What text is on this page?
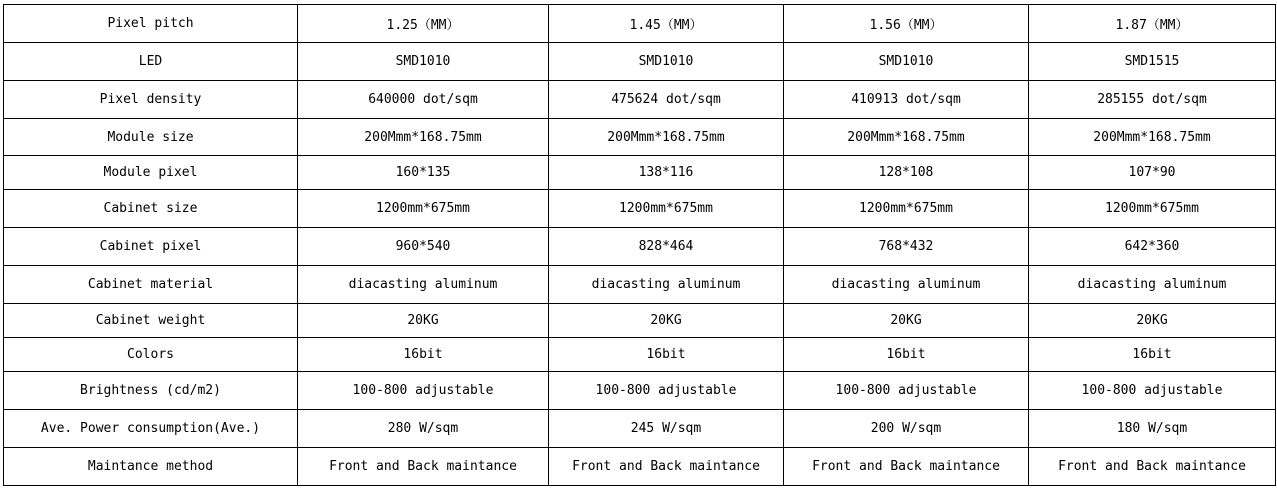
Pixel pitch	1.25（MM）	1.45（MM）	1.56（MM）	1.87（MM）
LED	SMD1010	SMD1010	SMD1010	SMD1515
Pixel density	640000 dot/sqm	475624 dot/sqm	410913 dot/sqm	285155 dot/sqm
Module size	200Mmm*168.75mm	200Mmm*168.75mm	200Mmm*168.75mm	200Mmm*168.75mm
Module pixel	160*135	138*116	128*108	107*90
Cabinet size	1200mm*675mm	1200mm*675mm	1200mm*675mm	1200mm*675mm
Cabinet pixel	960*540	828*464	768*432	642*360
Cabinet material	diacasting aluminum	diacasting aluminum	diacasting aluminum	diacasting aluminum
Cabinet weight	20KG	20KG	20KG	20KG
Colors	16bit	16bit	16bit	16bit
Brightness (cd/m2)	100-800 adjustable	100-800 adjustable	100-800 adjustable	100-800 adjustable
Ave. Power consumption(Ave.)	280 W/sqm	245 W/sqm	200 W/sqm	180 W/sqm
Maintance method	Front and Back maintance	Front and Back maintance	Front and Back maintance	Front and Back maintance
